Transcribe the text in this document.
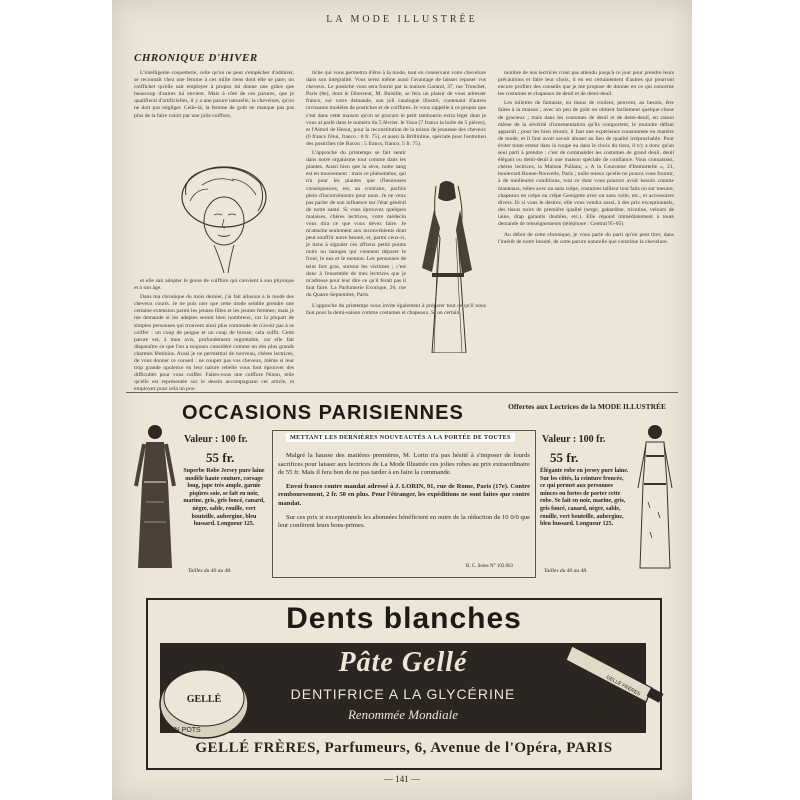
LA MODE ILLUSTRÉE
CHRONIQUE D'HIVER

L'intelligente coquetterie, celle qu'on ne peut s'empêcher d'admirer, se reconnaît chez une femme à ces mille riens dont elle se pare; un coiffichet qu'elle sait employer à propos lui donne une grâce que beaucoup d'autres lui envient. Mais à côté de ces parures, que je qualifierai d'artificielles, il y a une parure naturelle, la chevelure, qu'on ne doit pas négliger. Celle-là, la femme de goût ne manque pas pas plus de la faire valoir par une jolie coiffure,

et elle sait adopter le genre de coiffure qui convient à son physique et à son âge.

Dans ma chronique du mois dernier, j'ai fait allusion à la mode des cheveux courts. Je ne puis nier que cette mode semble prendre une certaine extension parmi les jeunes filles et les jeunes femmes; mais je me demande si les adeptes seront bien nombreux, car la plupart de simples personnes qui trouvent ainsi plus commode de n'avoir pas à se coiffer : un coup de peigne et un coup de brosse, cela suffit. Cette parure est, à mon avis, profondément regrettable, car elle fait disparaître ce que l'on a toujours considéré comme un des plus grands charmes féminins. Aussi je ne permettrai de nouveau, chères lectrices, de vous donner ce conseil : ne coupez pas vos cheveux, même si leur trop grande opulence en leur nature rebelle vous font éprouver des difficultés pour vous coiffer. Faites-vous une coiffure Ninon, telle qu'elle est représentée sur le dessin accompagnant cet article, et employez pour cela un pos-

tiche qui vous permettra d'être à la mode, tout en conservant votre chevelure dans son intégralité. Vous serez même aussi l'avantage de laisser reposer vos cheveux. Le postiche vous sera fourni par la maison Garand, 37, rue Tronchet, Paris (8e), dont le Directeur, M. Baisille, se fera un plaisir de vous adresser franco, sur votre demande, son joli catalogue illustré, contenant d'autres ravissants modèles de postiches et de coiffures. Je vous rappelle à ce propos que c'est dans cette maison qu'on se procure le petit tambourin extra léger dont je vous ai parlé dans le numéro du 5 février. le Vaoa (7 francs la boîte de 5 pièces), et l'Aimol de Henut, pour la reconstitution de la toison de jeunesse des cheveux (6 francs l'étui, franco : 8 fr. 75), et aussi la Brillinline, spéciale pour l'entretien des postiches (de Bacon : 5 francs, franco, 5 fr. 75).

L'approche du printemps se fait sentir dans notre organisme tout comme dans les plantes. Aussi bien que la sève, notre sang est en mouvement : mais ce phénomène, qui n'a pour les plantes que d'heureuses conséquences, est, au contraire, parfois plein d'inconvénients pour nous. Je ne veux pas parler de son influence sur l'état général de notre santé. Si vous éprouvez quelques malaises, chères lectrices, votre médecin vous dira ce que vous devez faire. Je m'attache seulement aux inconvénients dont peut souffrir notre beauté, et, parmi ceux-ci, je tiens à signaler ces affreux petits points noirs ou lanuges qui viennent déparer le front, le nez et le menton. Les personnes de teint fort gras, surtout les victimes ; c'est donc à l'ensemble de mes lectrices que je m'adresse pour leur dire ce qu'il ferait pas il faut faire. La Parfumerie Exotique, 26, rue du Quatre-Septembre, Paris.

L'approche du printemps nous invite également à préparer tout ce qu'il nous faut pour la demi-saison comme costumes et chapeaux. Si un certain

nombre de nos lectrices n'ont pas attendu jusqu'à ce jour pour prendre leurs précautions et faire leur choix, il en est certainement d'autres qui pourront encore profiter des conseils que je me propose de donner en ce qui concerne les costumes et chapeaux de deuil et de demi-deuil.

Les toilettes de fantaisie, en tissus de couleur, peuvent, au besoin, être faites à la maison ; avec un peu de goût on obtient facilement quelque chose de gracieux ; mais dans les costumes de deuil et de demi-deuil, en raison même de la sévérité d'ornementation qu'ils comportent, le moindre défaut apparaît ; pour les bien réussir, il faut une expérience consommée en matière de mode, et il faut avoir savoir abuser au lieu de qualité irréprochable. Pour éviter toute erreur dans la coupe ou dans le choix du tissu, il n'y a donc qu'un seul parti à prendre : c'est de commander les costumes de grand deuil, deuil élégant ou demi-deuil à une maison spéciale de confiance. Vous connaissez, chères lectrices, la Maison Pullanz, « A la Couronne d'Immortelle », 21, boulevard Bonne-Nouvelle, Paris ; nulle mieux qu'elle ne pourra vous fournir, à de meilleures conditions, tout ce dont vous pourrez avoir besoin comme manteaux, robes avec ou sans crêpe, costumes tailleur tout faits ou sur mesure, chapeaux en crêpe ou crêpe Georgette avec ou sans voile, etc., et accessoires divers. Et si vous le désirez, elle vous vendra aussi, à des prix exceptionnels, des tissus noirs de première qualité (serge, gabardine, tricotine, velours de laine, drap garantis doubles, etc.). Elle répond immédiatement à toute demande de renseignements (téléphone : Central 95-05).

Au début de cette chronique, je vous parle du parti qu'on peut tirer, dans l'intérêt de notre beauté, de cette parure naturelle que constitue la chevelure.

OCCASIONS PARISIENNES	Offertes aux Lectrices de la MODE ILLUSTRÉE
METTANT LES DERNIÈRES NOUVEAUTÉS A LA PORTÉE DE TOUTES

Malgré la hausse des matières premières, M. Lorin n'a pas hésité à s'imposer de lourds sacrifices pour laisser aux lectrices de La Mode Illustrée ces jolies robes au prix extraordinaire de 55 fr. Mais il fera bon de ne pas tarder à en faire la commande.

Envoi franco contre mandat adressé à J. LORIN, 91, rue de Rome, Paris (17e). Contre remboursement, 2 fr. 50 en plus. Pour l'étranger, les expéditions ne sont faites que contre mandat.

Sur ces prix si exceptionnels les abonnées bénéficient en outre de la réduction de 10 0/0 que leur confèrent leurs bons-primes.

R. C. Seine N° 103.963
Valeur : 100 fr.
55 fr.
Superbe Robe Jersey pure laine modèle haute couture, corsage long, jupe très ample, garnie piqûres soie, se fait en noir, marine, gris, gris foncé, canard, nègre, sable, rouille, vert bouteille, aubergine, bleu hussard. Longueur 125.
Tailles du 40 au 48.
Valeur : 100 fr.
55 fr.
Élégante robe en jersey pure laine. Sur les côtés, la ceinture froncée, ce qui permet aux personnes minces ou fortes de porter cette robe. Se fait en noir, marine, gris, gris foncé, canard, nègre, sable, rouille, vert bouteille, aubergine, bleu hussard. Longueur 125.
Tailles du 40 au 48.
Dents blanches
Pâte Gellé
DENTIFRICE A LA GLYCÉRINE
Renommée Mondiale
GELLÉ
EN POTS
GELLÉ FRÈRES
EN TUBES
GELLÉ FRÈRES, Parfumeurs, 6, Avenue de l'Opéra, PARIS
— 141 —
